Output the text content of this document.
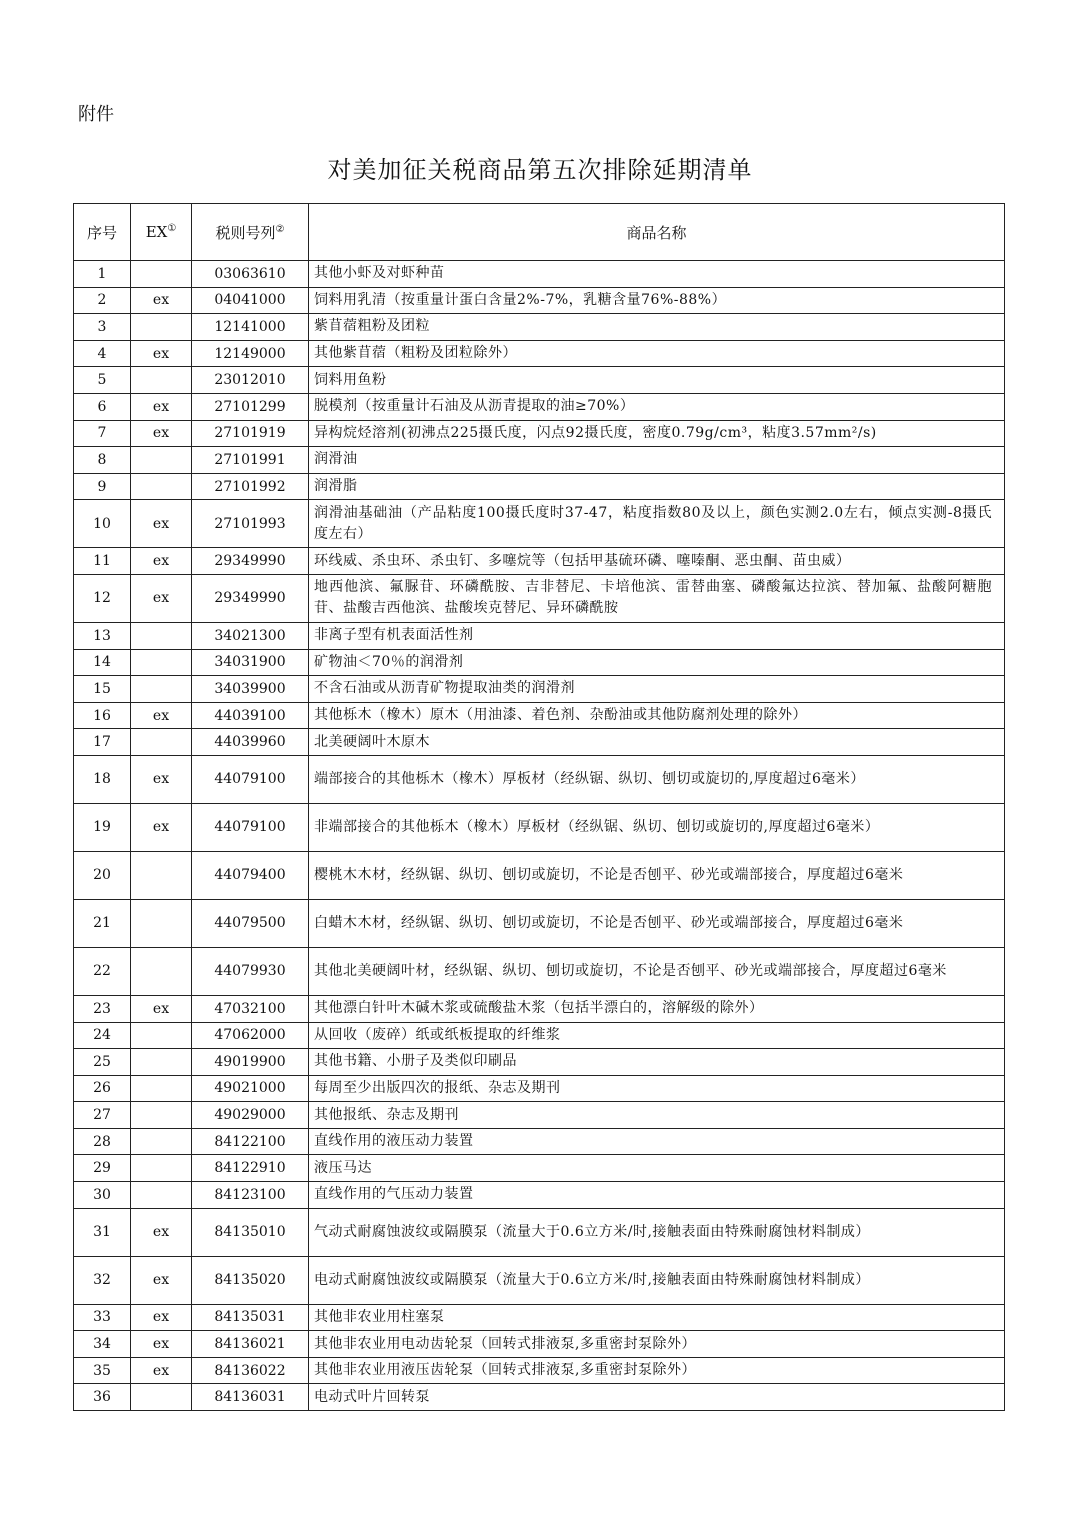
附件
对美加征关税商品第五次排除延期清单
序号	EX①	税则号列②	商品名称
1		03063610	其他小虾及对虾种苗
2	ex	04041000	饲料用乳清（按重量计蛋白含量2%-7%，乳糖含量76%-88%）
3		12141000	紫苜蓿粗粉及团粒
4	ex	12149000	其他紫苜蓿（粗粉及团粒除外）
5		23012010	饲料用鱼粉
6	ex	27101299	脱模剂（按重量计石油及从沥青提取的油≥70%）
7	ex	27101919	异构烷烃溶剂(初沸点225摄氏度，闪点92摄氏度，密度0.79g/cm³，粘度3.57mm²/s)
8		27101991	润滑油
9		27101992	润滑脂
10	ex	27101993	润滑油基础油（产品粘度100摄氏度时37-47，粘度指数80及以上，颜色实测2.0左右，倾点实测-8摄氏度左右）
11	ex	29349990	环线威、杀虫环、杀虫钉、多噻烷等（包括甲基硫环磷、噻嗪酮、恶虫酮、苗虫威）
12	ex	29349990	地西他滨、氟脲苷、环磷酰胺、吉非替尼、卡培他滨、雷替曲塞、磷酸氟达拉滨、替加氟、盐酸阿糖胞苷、盐酸吉西他滨、盐酸埃克替尼、异环磷酰胺
13		34021300	非离子型有机表面活性剂
14		34031900	矿物油＜70％的润滑剂
15		34039900	不含石油或从沥青矿物提取油类的润滑剂
16	ex	44039100	其他栎木（橡木）原木（用油漆、着色剂、杂酚油或其他防腐剂处理的除外）
17		44039960	北美硬阔叶木原木
18	ex	44079100	端部接合的其他栎木（橡木）厚板材（经纵锯、纵切、刨切或旋切的,厚度超过6毫米）
19	ex	44079100	非端部接合的其他栎木（橡木）厚板材（经纵锯、纵切、刨切或旋切的,厚度超过6毫米）
20		44079400	樱桃木木材，经纵锯、纵切、刨切或旋切，不论是否刨平、砂光或端部接合，厚度超过6毫米
21		44079500	白蜡木木材，经纵锯、纵切、刨切或旋切，不论是否刨平、砂光或端部接合，厚度超过6毫米
22		44079930	其他北美硬阔叶材，经纵锯、纵切、刨切或旋切，不论是否刨平、砂光或端部接合，厚度超过6毫米
23	ex	47032100	其他漂白针叶木碱木浆或硫酸盐木浆（包括半漂白的，溶解级的除外）
24		47062000	从回收（废碎）纸或纸板提取的纤维浆
25		49019900	其他书籍、小册子及类似印刷品
26		49021000	每周至少出版四次的报纸、杂志及期刊
27		49029000	其他报纸、杂志及期刊
28		84122100	直线作用的液压动力装置
29		84122910	液压马达
30		84123100	直线作用的气压动力装置
31	ex	84135010	气动式耐腐蚀波纹或隔膜泵（流量大于0.6立方米/时,接触表面由特殊耐腐蚀材料制成）
32	ex	84135020	电动式耐腐蚀波纹或隔膜泵（流量大于0.6立方米/时,接触表面由特殊耐腐蚀材料制成）
33	ex	84135031	其他非农业用柱塞泵
34	ex	84136021	其他非农业用电动齿轮泵（回转式排液泵,多重密封泵除外）
35	ex	84136022	其他非农业用液压齿轮泵（回转式排液泵,多重密封泵除外）
36		84136031	电动式叶片回转泵
